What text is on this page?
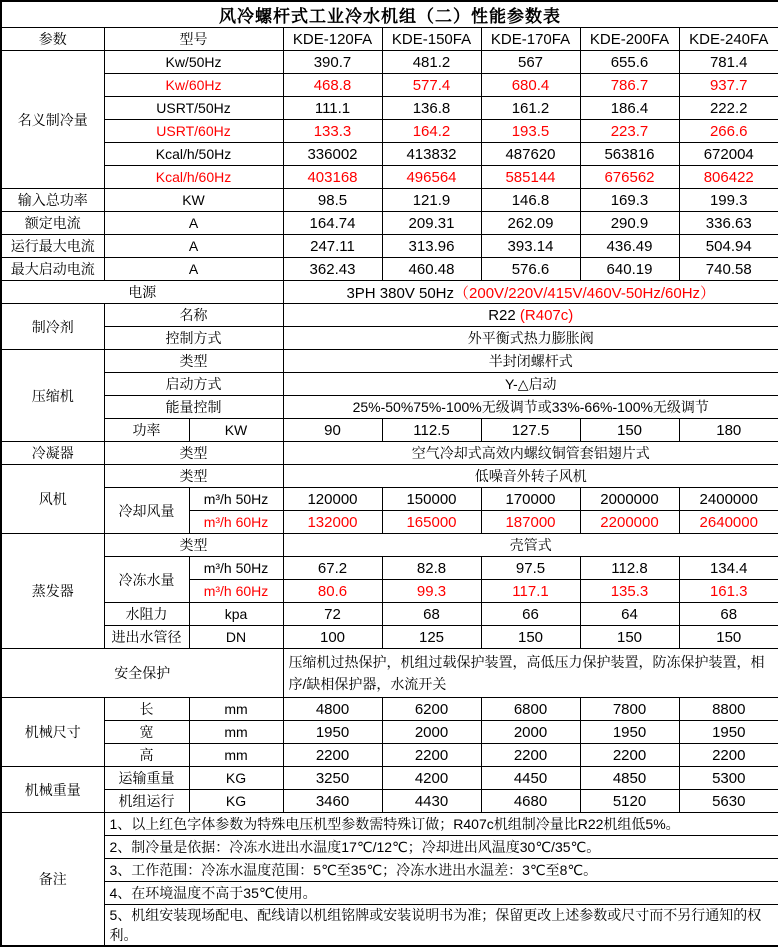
风冷螺杆式工业冷水机组（二）性能参数表							
参数	型号		KDE-120FA	KDE-150FA	KDE-170FA	KDE-200FA	KDE-240FA
名义制冷量	Kw/50Hz		390.7	481.2	567	655.6	781.4
	Kw/60Hz		468.8	577.4	680.4	786.7	937.7
	USRT/50Hz		111.1	136.8	161.2	186.4	222.2
	USRT/60Hz		133.3	164.2	193.5	223.7	266.6
	Kcal/h/50Hz		336002	413832	487620	563816	672004
	Kcal/h/60Hz		403168	496564	585144	676562	806422
输入总功率	KW		98.5	121.9	146.8	169.3	199.3
额定电流	A		164.74	209.31	262.09	290.9	336.63
运行最大电流	A		247.11	313.96	393.14	436.49	504.94
最大启动电流	A		362.43	460.48	576.6	640.19	740.58
电源			3PH 380V 50Hz（200V/220V/415V/460V-50Hz/60Hz）				
制冷剂	名称		R22 (R407c)				
	控制方式		外平衡式热力膨胀阀				
压缩机	类型		半封闭螺杆式				
	启动方式		Y-△启动				
	能量控制		25%-50%75%-100%无级调节或33%-66%-100%无级调节				
	功率	KW	90	112.5	127.5	150	180
冷凝器	类型		空气冷却式高效内螺纹铜管套铝翅片式				
风机	类型		低噪音外转子风机				
	冷却风量	m³/h 50Hz	120000	150000	170000	2000000	2400000
		m³/h 60Hz	132000	165000	187000	2200000	2640000
蒸发器	类型		壳管式				
	冷冻水量	m³/h 50Hz	67.2	82.8	97.5	112.8	134.4
		m³/h 60Hz	80.6	99.3	117.1	135.3	161.3
	水阻力	kpa	72	68	66	64	68
	进出水管径	DN	100	125	150	150	150
安全保护			压缩机过热保护，机组过载保护装置，高低压力保护装置，防冻保护装置，相序/缺相保护器，水流开关				
机械尺寸	长	mm	4800	6200	6800	7800	8800
	宽	mm	1950	2000	2000	1950	1950
	高	mm	2200	2200	2200	2200	2200
机械重量	运输重量	KG	3250	4200	4450	4850	5300
	机组运行	KG	3460	4430	4680	5120	5630
备注	1、以上红色字体参数为特殊电压机型参数需特殊订做；R407c机组制冷量比R22机组低5%。						
	2、制冷量是依据：冷冻水进出水温度17℃/12℃；冷却进出风温度30℃/35℃。						
	3、工作范围：冷冻水温度范围：5℃至35℃；冷冻水进出水温差：3℃至8℃。						
	4、在环境温度不高于35℃使用。						
	5、机组安装现场配电、配线请以机组铭牌或安装说明书为准；保留更改上述参数或尺寸而不另行通知的权利。						
